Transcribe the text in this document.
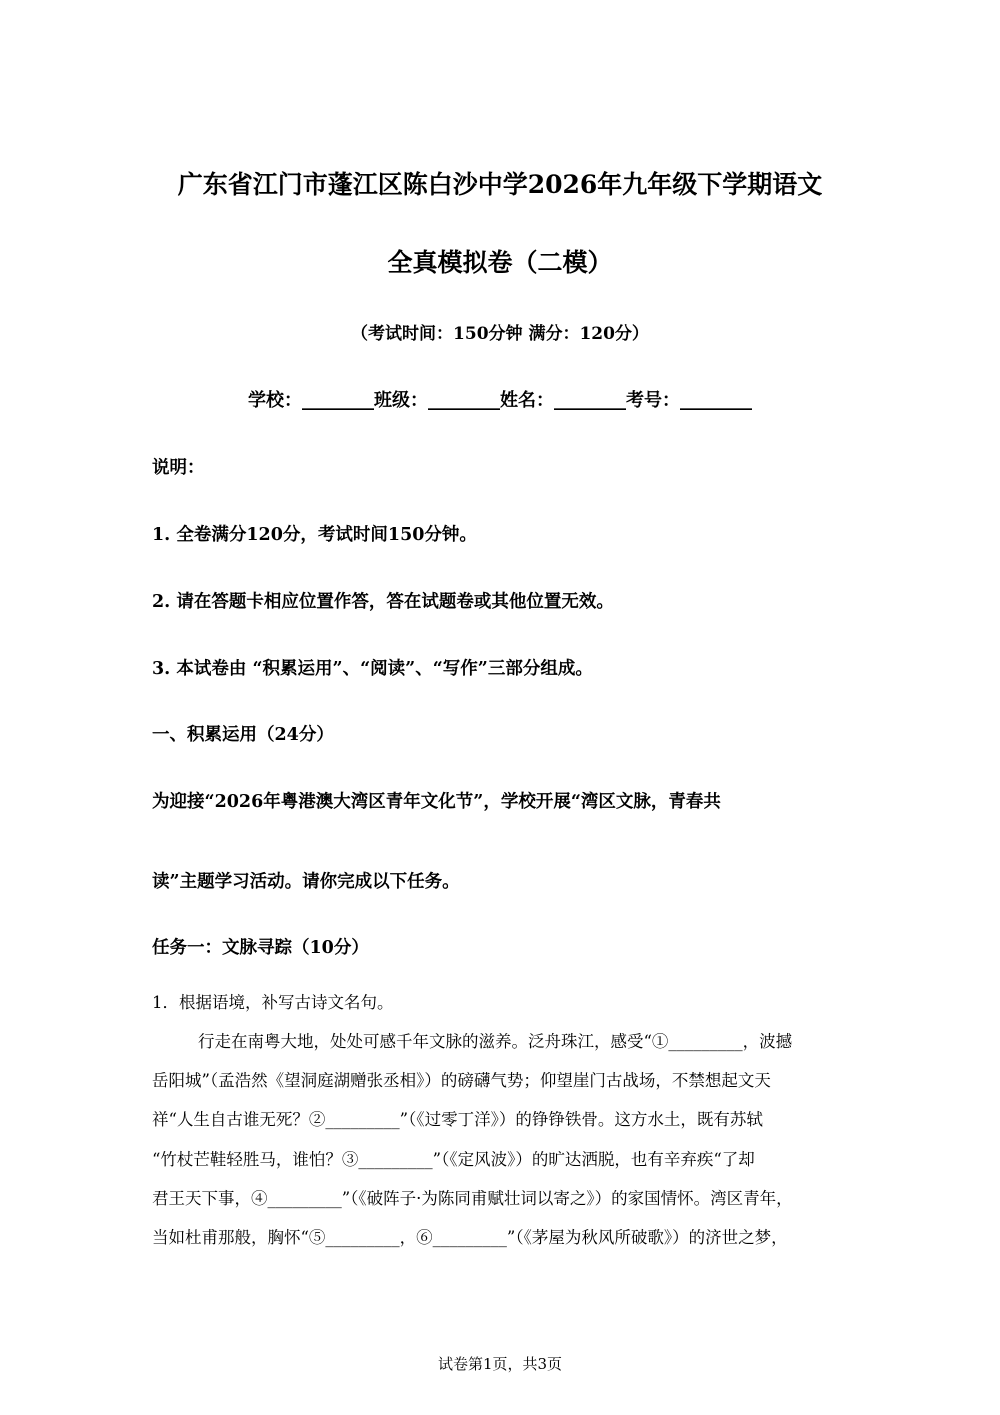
广东省江门市蓬江区陈白沙中学2026年九年级下学期语文
全真模拟卷（二模）
（考试时间：150分钟 满分：120分）
学校：________班级：________姓名：________考号：________
说明：
1. 全卷满分120分，考试时间150分钟。
2. 请在答题卡相应位置作答，答在试题卷或其他位置无效。
3. 本试卷由 “积累运用”、“阅读”、“写作”三部分组成。
一、积累运用（24分）
为迎接“2026年粤港澳大湾区青年文化节”，学校开展“湾区文脉，青春共
读”主题学习活动。请你完成以下任务。
任务一：文脉寻踪（10分）
1．根据语境，补写古诗文名句。
行走在南粤大地，处处可感千年文脉的滋养。泛舟珠江，感受“①_________，波撼
岳阳城”（孟浩然《望洞庭湖赠张丞相》）的磅礴气势；仰望崖门古战场，不禁想起文天
祥“人生自古谁无死？②_________”（《过零丁洋》）的铮铮铁骨。这方水土，既有苏轼
“竹杖芒鞋轻胜马，谁怕？③_________”（《定风波》）的旷达洒脱，也有辛弃疾“了却
君王天下事，④_________”（《破阵子·为陈同甫赋壮词以寄之》）的家国情怀。湾区青年，
当如杜甫那般，胸怀“⑤_________，⑥_________”（《茅屋为秋风所破歌》）的济世之梦，
试卷第1页，共3页
